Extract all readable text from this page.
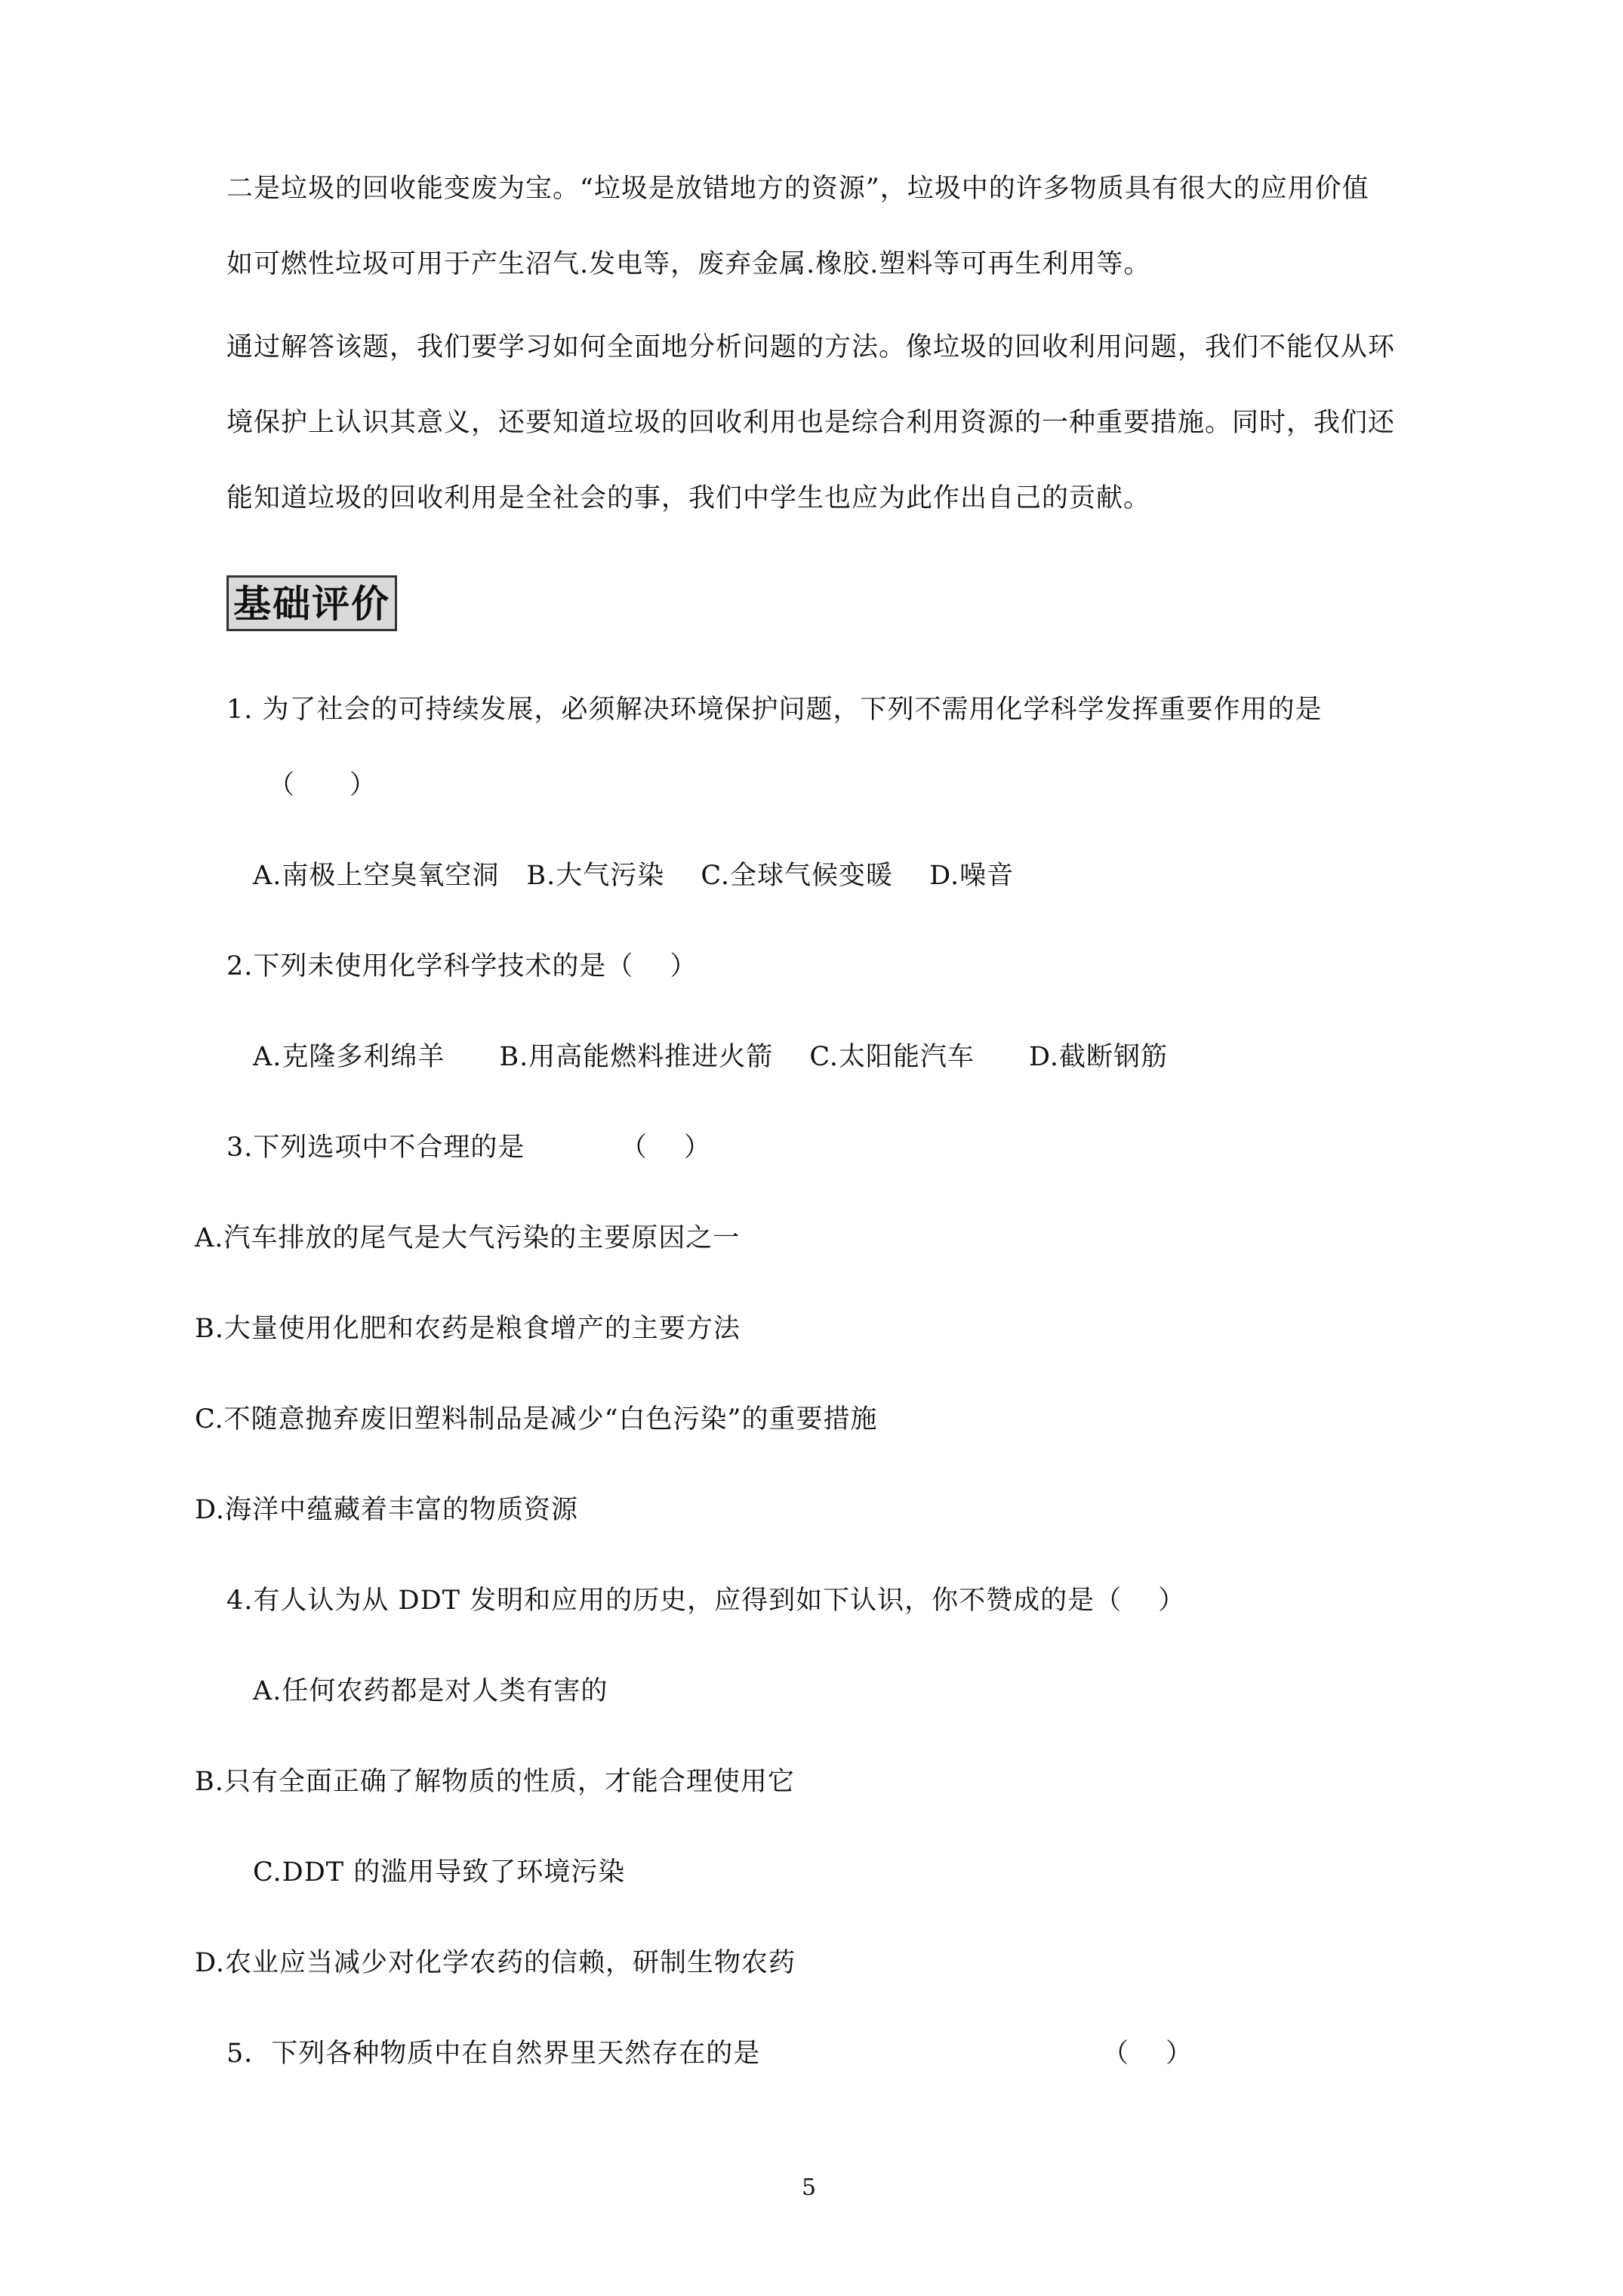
二是垃圾的回收能变废为宝。“垃圾是放错地方的资源”，垃圾中的许多物质具有很大的应用价值
如可燃性垃圾可用于产生沼气.发电等，废弃金属.橡胶.塑料等可再生利用等。
通过解答该题，我们要学习如何全面地分析问题的方法。像垃圾的回收利用问题，我们不能仅从环
境保护上认识其意义，还要知道垃圾的回收利用也是综合利用资源的一种重要措施。同时，我们还
能知道垃圾的回收利用是全社会的事，我们中学生也应为此作出自己的贡献。
基础评价
1. 为了社会的可持续发展，必须解决环境保护问题，下列不需用化学科学发挥重要作用的是
（　　）
A.南极上空臭氧空洞　B.大气污染　 C.全球气候变暖　 D.噪音
2.下列未使用化学科学技术的是（　 ）
A.克隆多利绵羊　　B.用高能燃料推进火箭　 C.太阳能汽车　　D.截断钢筋
3.下列选项中不合理的是　　　　（　 ）
A.汽车排放的尾气是大气污染的主要原因之一
B.大量使用化肥和农药是粮食增产的主要方法
C.不随意抛弃废旧塑料制品是减少“白色污染”的重要措施
D.海洋中蕴藏着丰富的物质资源
4.有人认为从 DDT 发明和应用的历史，应得到如下认识，你不赞成的是（　 ）
A.任何农药都是对人类有害的
B.只有全面正确了解物质的性质，才能合理使用它
C.DDT 的滥用导致了环境污染
D.农业应当减少对化学农药的信赖，研制生物农药
5．下列各种物质中在自然界里天然存在的是	（　 ）
5
